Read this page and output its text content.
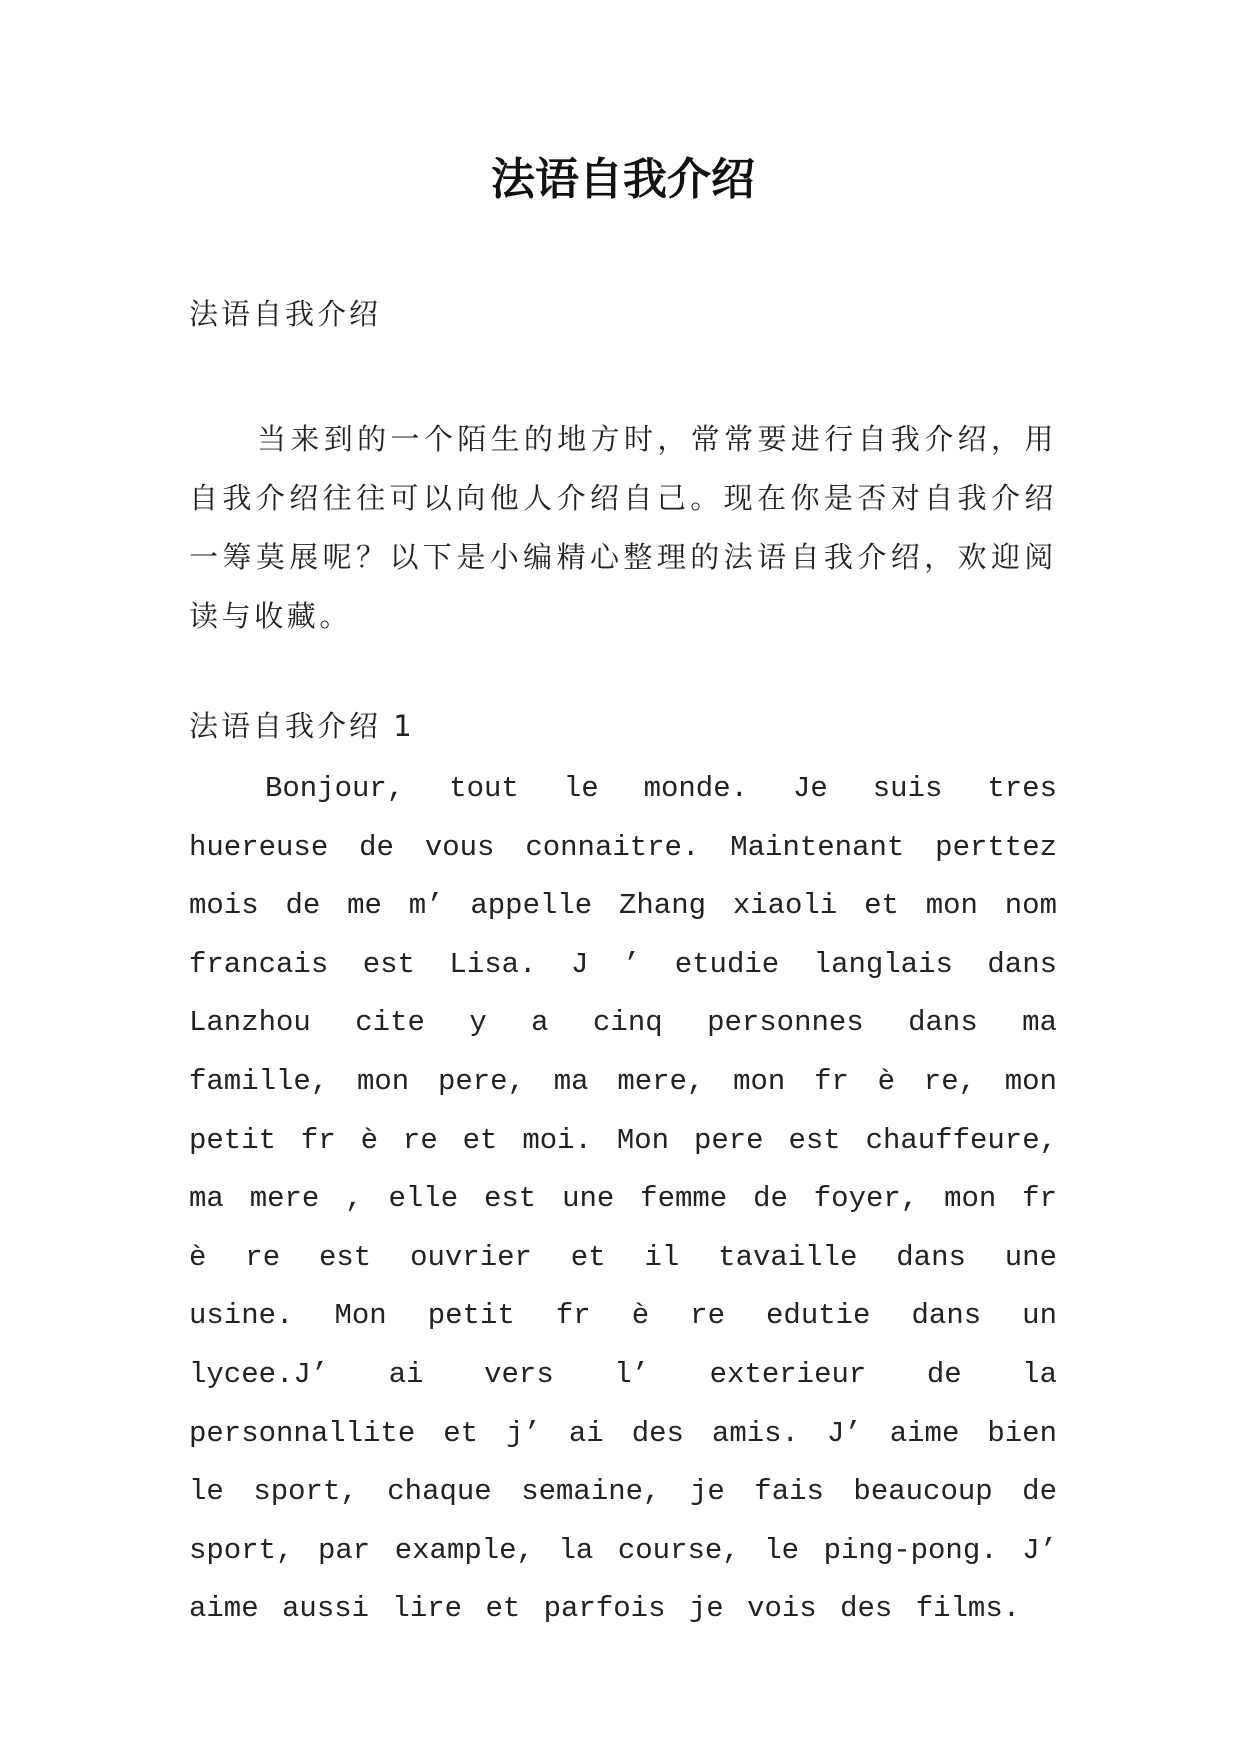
法语自我介绍

法语自我介绍

当来到的一个陌生的地方时，常常要进行自我介绍，用自我介绍往往可以向他人介绍自己。现在你是否对自我介绍一筹莫展呢？以下是小编精心整理的法语自我介绍，欢迎阅读与收藏。

法语自我介绍 1

Bonjour, tout le monde. Je suis tres huereuse de vous connaitre. Maintenant perttez mois de me m’ appelle Zhang xiaoli et mon nom francais est Lisa. J ’ etudie langlais dans Lanzhou cite y a cinq personnes dans ma famille, mon pere, ma mere, mon fr è re, mon petit fr è re et moi. Mon pere est chauffeure, ma mere , elle est une femme de foyer, mon fr è re est ouvrier et il tavaille dans une usine. Mon petit fr è re edutie dans un lycee.J’ ai vers l’ exterieur de la personnallite et j’ ai des amis. J’ aime bien le sport, chaque semaine, je fais beaucoup de sport, par example, la course, le ping-pong. J’ aime aussi lire et parfois je vois des films.
